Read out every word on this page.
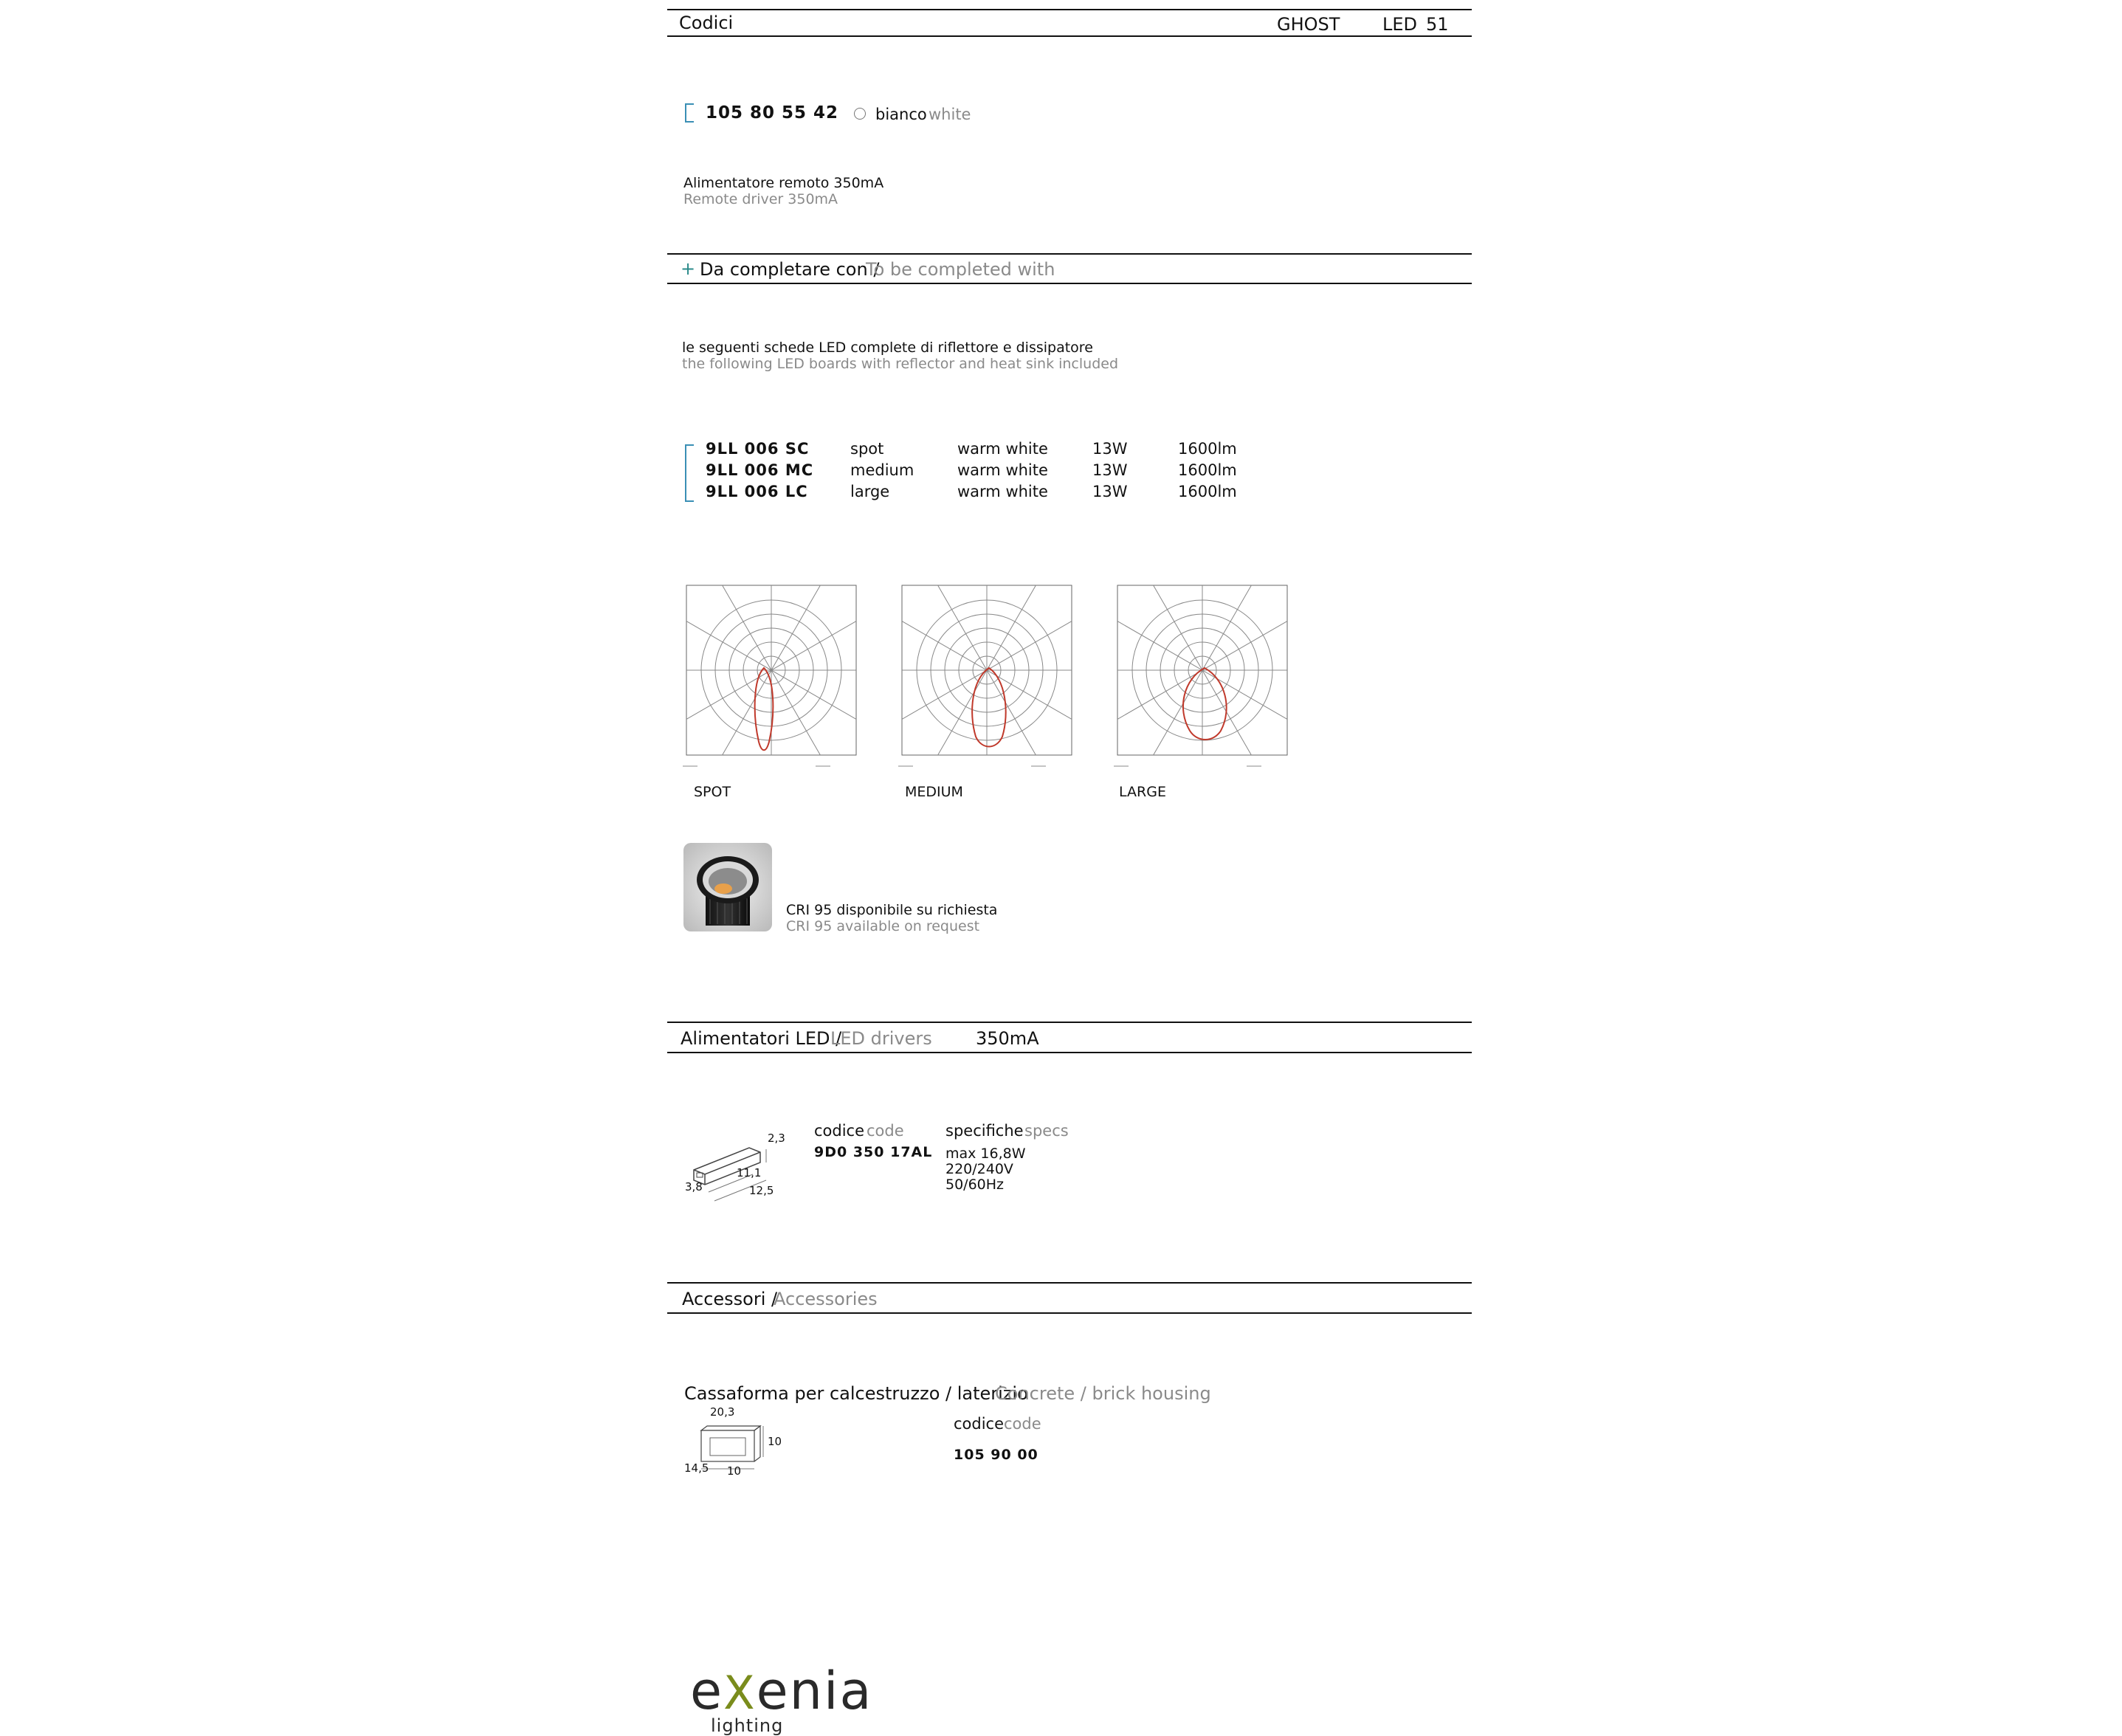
Codici	GHOST LED 51
105 80 55 42 bianco white
Alimentatore remoto 350mA
Remote driver 350mA
+ Da completare con /
To be completed with
le seguenti schede LED complete di riflettore e dissipatore
the following LED boards with reflector and heat sink included
9LL 006 SC	spot	warm white	13W	1600lm
9LL 006 MC medium	warm white	13W	1600lm
9LL 006 LC	large	warm white	13W	1600lm
SPOT	MEDIUM	LARGE
CRI 95 disponibile su richiesta
CRI 95 available on request
Alimentatori LED /
LED drivers 350mA
2,3
3,8
11,1
12,5
codice code
9D0 350 17AL
specifiche specs
max 16,8W
220/240V
50/60Hz
Accessori /
Accessories
Cassaforma per calcestruzzo / laterizio
Concrete / brick housing
20,3
10
14,5 10
codice code
105 90 00
eXenia
lighting
